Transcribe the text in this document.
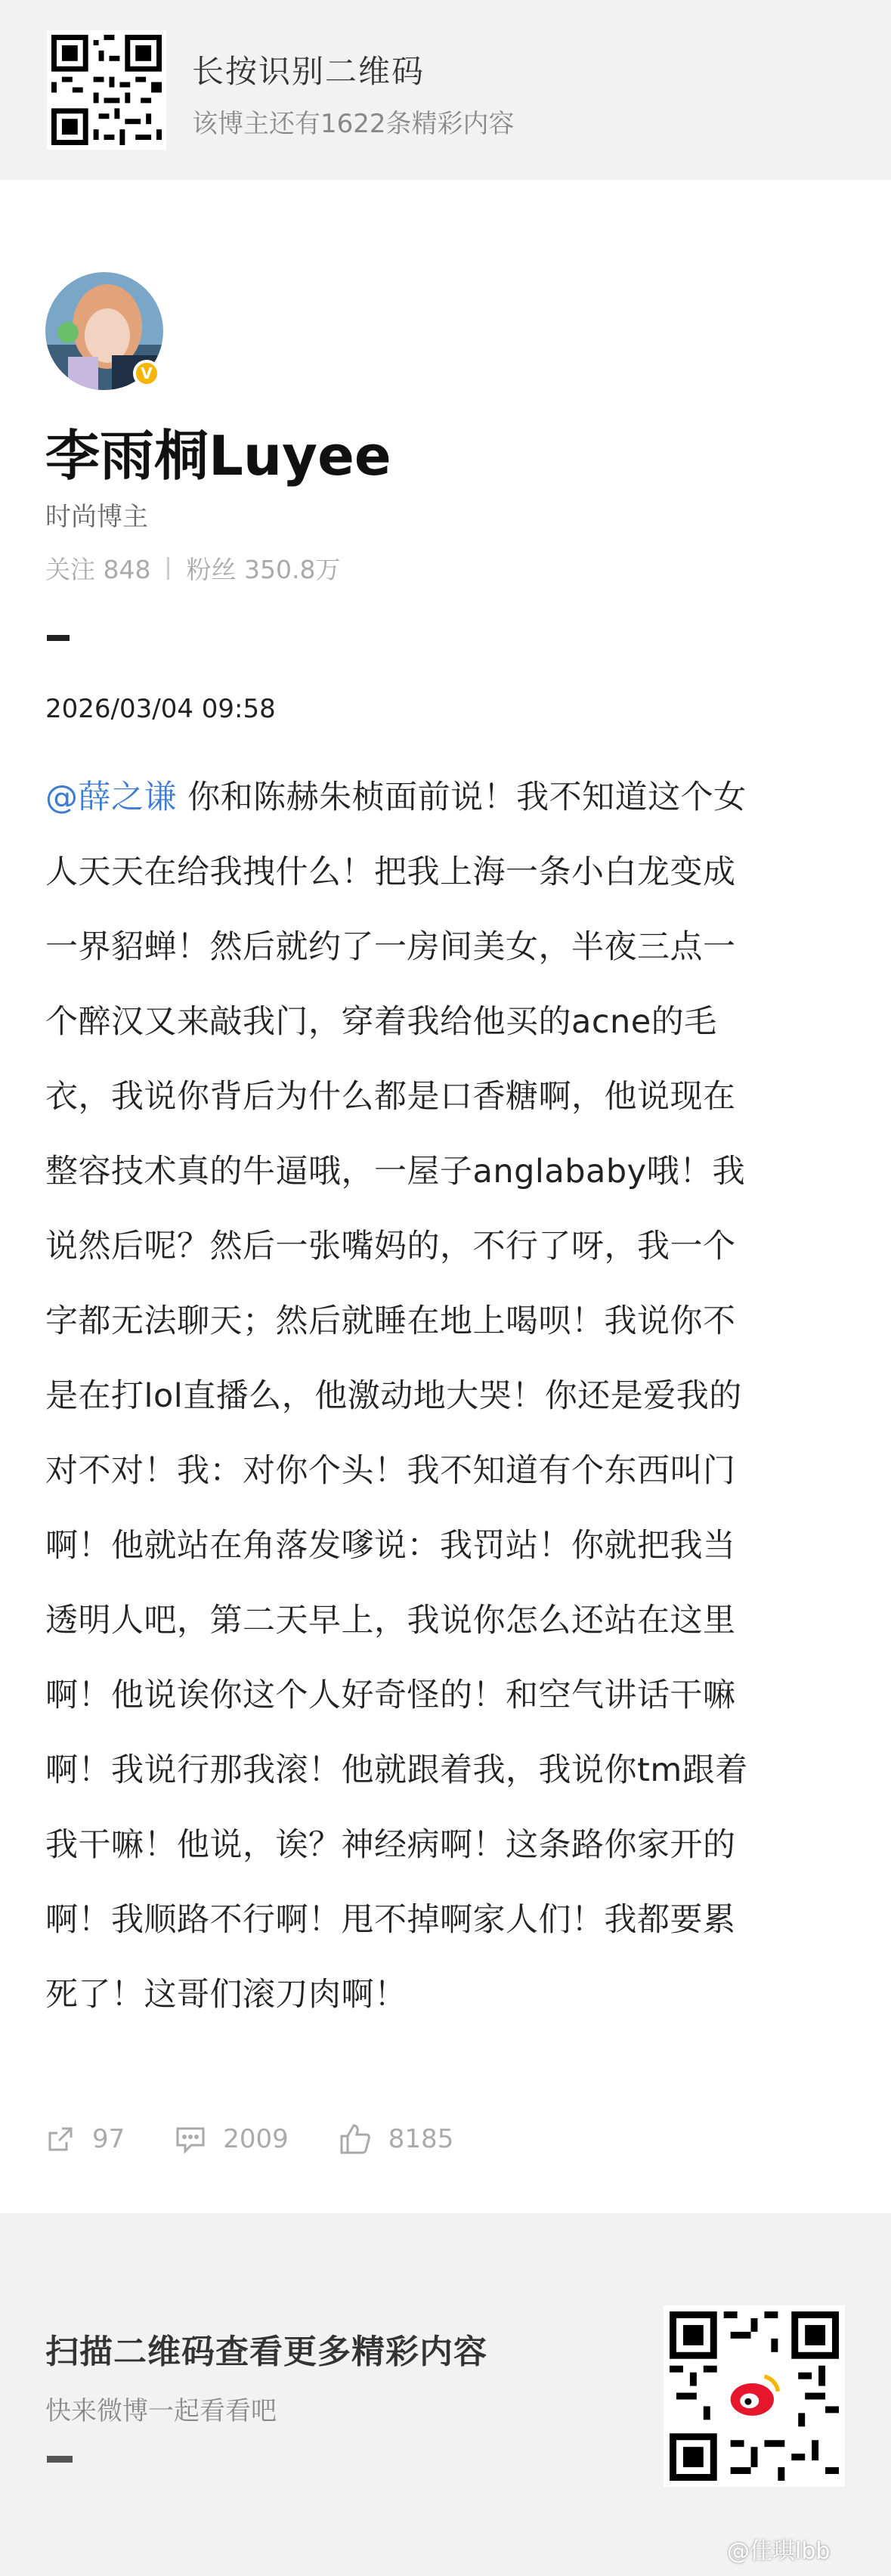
长按识别二维码
该博主还有1622条精彩内容
V
李雨桐Luyee
时尚博主
关注 848 粉丝 350.8万
2026/03/04 09:58
@薛之谦 你和陈赫朱桢面前说！我不知道这个女
人天天在给我拽什么！把我上海一条小白龙变成
一界貂蝉！然后就约了一房间美女，半夜三点一
个醉汉又来敲我门，穿着我给他买的acne的毛
衣，我说你背后为什么都是口香糖啊，他说现在
整容技术真的牛逼哦，一屋子anglababy哦！我
说然后呢？然后一张嘴妈的，不行了呀，我一个
字都无法聊天；然后就睡在地上喝呗！我说你不
是在打lol直播么，他激动地大哭！你还是爱我的
对不对！我：对你个头！我不知道有个东西叫门
啊！他就站在角落发嗲说：我罚站！你就把我当
透明人吧，第二天早上，我说你怎么还站在这里
啊！他说诶你这个人好奇怪的！和空气讲话干嘛
啊！我说行那我滚！他就跟着我，我说你tm跟着
我干嘛！他说，诶？神经病啊！这条路你家开的
啊！我顺路不行啊！甩不掉啊家人们！我都要累
死了！这哥们滚刀肉啊！
97	2009	8185
扫描二维码查看更多精彩内容
快来微博一起看看吧
@佳琪lbb
